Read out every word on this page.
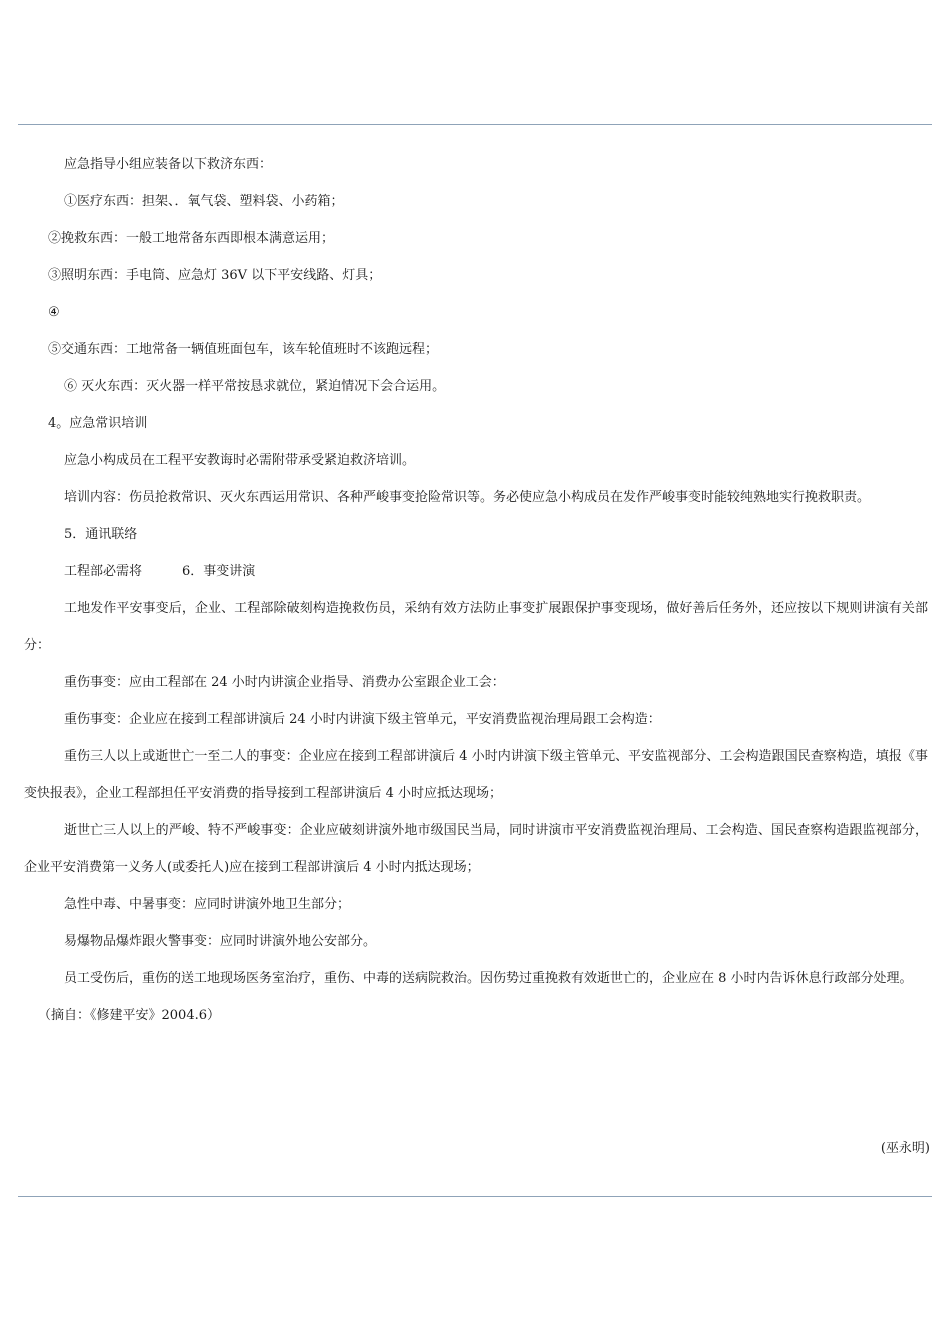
应急指导小组应装备以下救济东西：

①医疗东西：担架、．氧气袋、塑料袋、小药箱；

②挽救东西：一般工地常备东西即根本满意运用；

③照明东西：手电筒、应急灯 36V 以下平安线路、灯具；

④

⑤交通东西：工地常备一辆值班面包车，该车轮值班时不该跑远程；

⑥ 灭火东西：灭火器一样平常按恳求就位，紧迫情况下会合运用。

4。应急常识培训

应急小构成员在工程平安教诲时必需附带承受紧迫救济培训。

培训内容：伤员抢救常识、灭火东西运用常识、各种严峻事变抢险常识等。务必使应急小构成员在发作严峻事变时能较纯熟地实行挽救职责。

5．通讯联络

工程部必需将	6．事变讲演

工地发作平安事变后，企业、工程部除破刻构造挽救伤员，采纳有效方法防止事变扩展跟保护事变现场，做好善后任务外，还应按以下规则讲演有关部分：

重伤事变：应由工程部在 24 小时内讲演企业指导、消费办公室跟企业工会：

重伤事变：企业应在接到工程部讲演后 24 小时内讲演下级主管单元，平安消费监视治理局跟工会构造：

重伤三人以上或逝世亡一至二人的事变：企业应在接到工程部讲演后 4 小时内讲演下级主管单元、平安监视部分、工会构造跟国民查察构造，填报《事变快报表》，企业工程部担任平安消费的指导接到工程部讲演后 4 小时应抵达现场；

逝世亡三人以上的严峻、特不严峻事变：企业应破刻讲演外地市级国民当局，同时讲演市平安消费监视治理局、工会构造、国民查察构造跟监视部分，企业平安消费第一义务人(或委托人)应在接到工程部讲演后 4 小时内抵达现场；

急性中毒、中暑事变：应同时讲演外地卫生部分；

易爆物品爆炸跟火警事变：应同时讲演外地公安部分。

员工受伤后，重伤的送工地现场医务室治疗，重伤、中毒的送病院救治。因伤势过重挽救有效逝世亡的，企业应在 8 小时内告诉休息行政部分处理。

（摘自：《修建平安》2004.6）

(巫永明)
